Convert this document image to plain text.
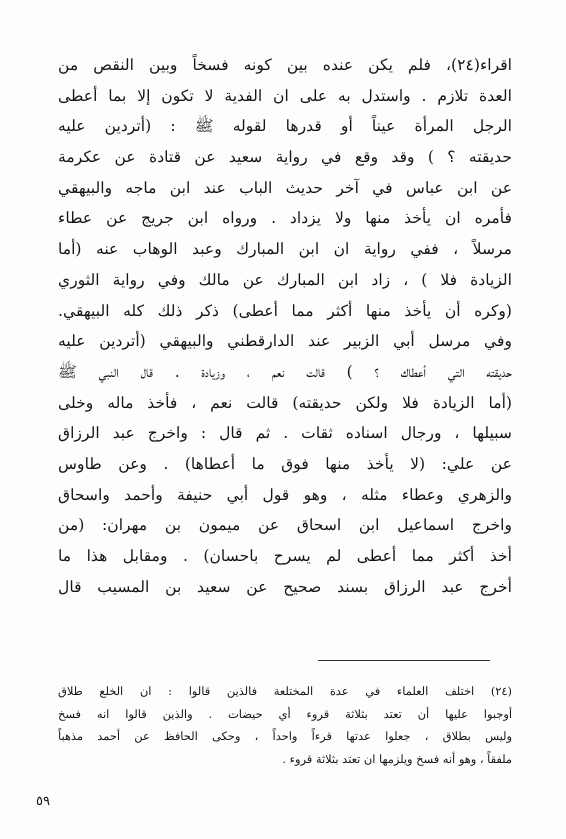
اقراء(٢٤)، فلم يكن عنده بين كونه فسخاً وبين النقص من
العدة تلازم . واستدل به على ان الفدية لا تكون إلا بما أعطى
الرجل المرأة عيناً أو قدرها لقوله ﷺ : (أتردين عليه
حديقته ؟ ) وقد وقع في رواية سعيد عن قتادة عن عكرمة
عن ابن عباس في آخر حديث الباب عند ابن ماجه والبيهقي
فأمره ان يأخذ منها ولا يزداد . ورواه ابن جريج عن عطاء
مرسلاً ، ففي رواية ان ابن المبارك وعبد الوهاب عنه (أما
الزيادة فلا ) ، زاد ابن المبارك عن مالك وفي رواية الثوري
(وكره أن يأخذ منها أكثر مما أعطى) ذكر ذلك كله البيهقي.
وفي مرسل أبي الزبير عند الدارقطني والبيهقي (أتردين عليه
حديقته التي أعطاك ؟ ) قالت نعم ، وزيادة . قال النبي ﷺ
(أما الزيادة فلا ولكن حديقته) قالت نعم ، فأخذ ماله وخلى
سبيلها ، ورجال اسناده ثقات . ثم قال : واخرج عبد الرزاق
عن علي: (لا يأخذ منها فوق ما أعطاها) . وعن طاوس
والزهري وعطاء مثله ، وهو قول أبي حنيفة وأحمد واسحاق
واخرج اسماعيل ابن اسحاق عن ميمون بن مهران: (من
أخذ أكثر مما أعطى لم يسرح باحسان) . ومقابل هذا ما
أخرج عبد الرزاق بسند صحيح عن سعيد بن المسيب قال
(٢٤) اختلف العلماء في عدة المختلعة فالذين قالوا : ان الخلع طلاق
أوجبوا عليها أن تعتد بثلاثة قروء أي حيضات . والذين قالوا انه فسخ
وليس بطلاق ، جعلوا عدتها قرءاً واحداً ، وحكى الحافظ عن أحمد مذهباً
ملفقاً ، وهو أنه فسخ ويلزمها ان تعتد بثلاثة قروء .
٥٩
